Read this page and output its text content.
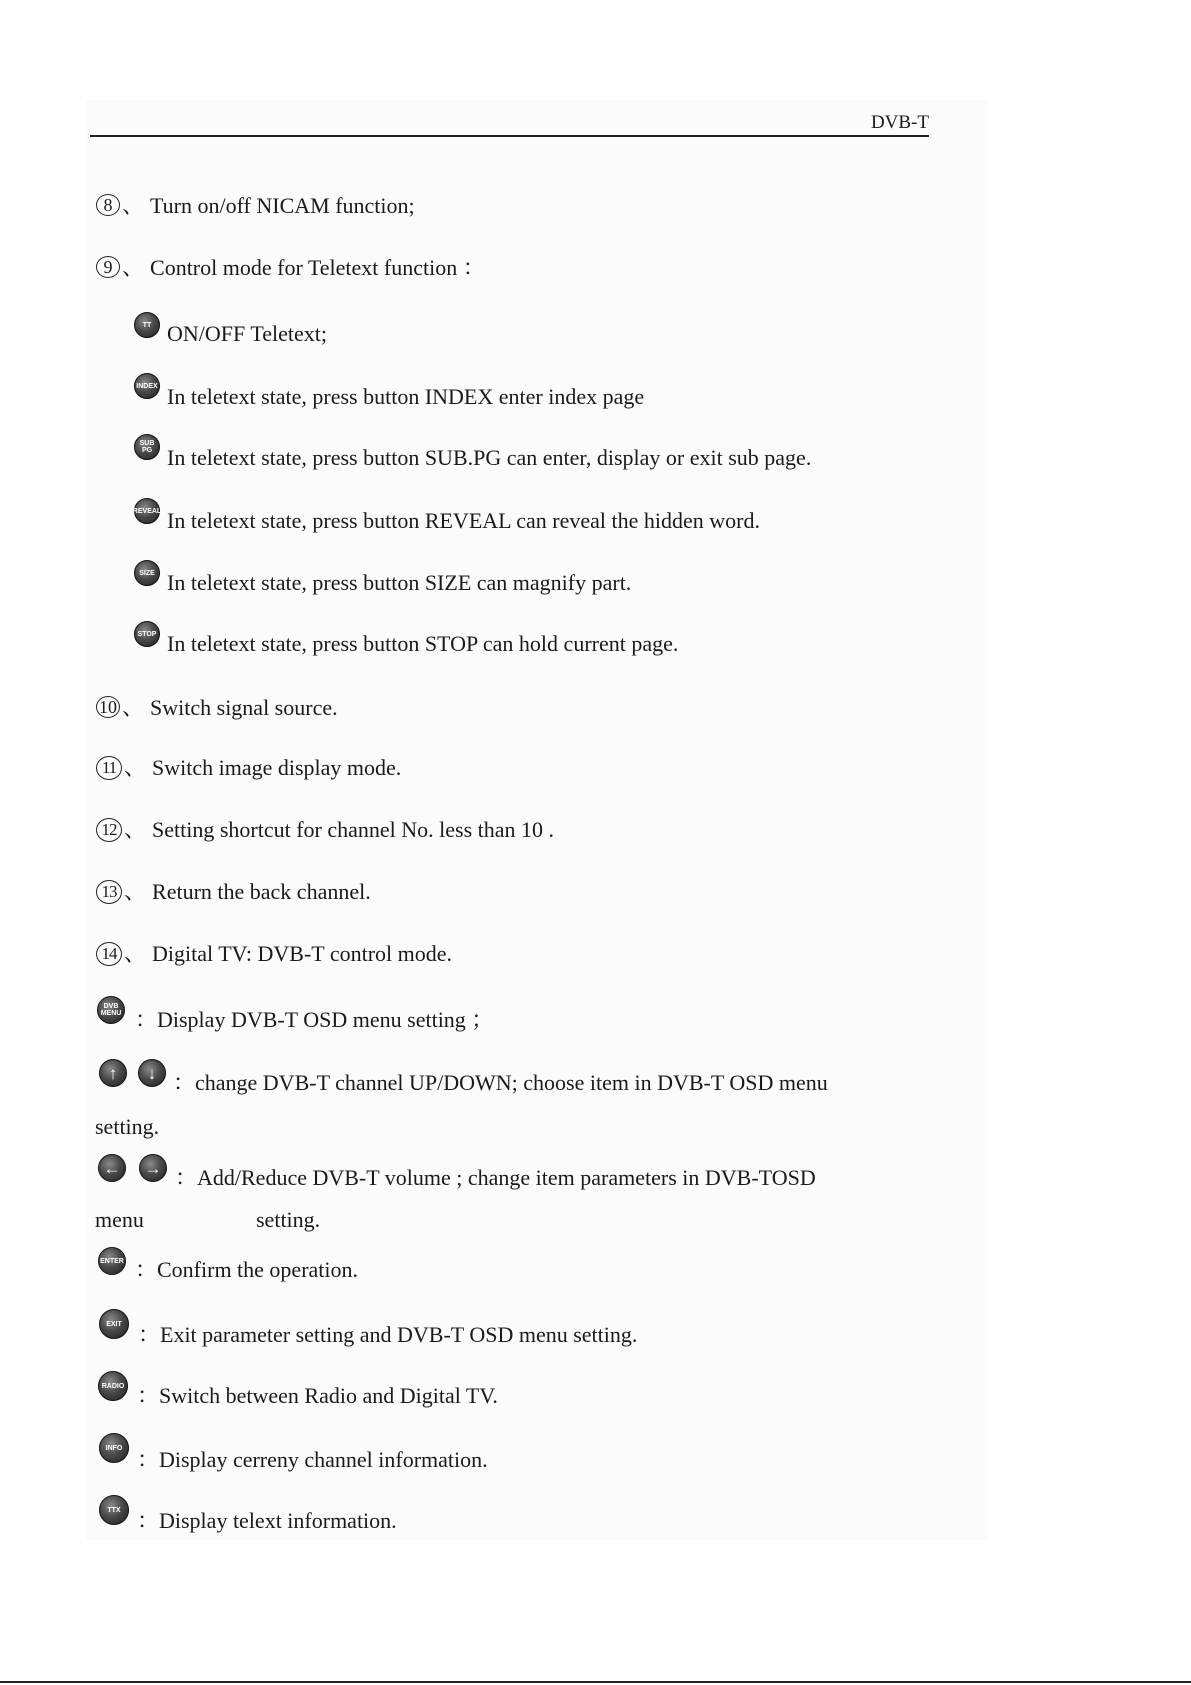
DVB-T
8 、 Turn on/off NICAM function;
9 、 Control mode for Teletext function ：
TT ON/OFF Teletext;
INDEX In teletext state, press button INDEX enter index page
SUB PG In teletext state, press button SUB.PG can enter, display or exit sub page.
REVEAL In teletext state, press button REVEAL can reveal the hidden word.
SIZE In teletext state, press button SIZE can magnify part.
STOP In teletext state, press button STOP can hold current page.
10 、 Switch signal source.
11 、 Switch image display mode.
12 、 Setting shortcut for channel No. less than 10 .
13 、 Return the back channel.
14 、 Digital TV: DVB-T control mode.
DVB MENU ：Display DVB-T OSD menu setting ；
↑	↓ ：change DVB-T channel UP/DOWN; choose item in DVB-T OSD menu
setting.
←	→ ：Add/Reduce DVB-T volume ; change item parameters in DVB-TOSD
menu	setting.
ENTER ：Confirm the operation.
EXIT ：Exit parameter setting and DVB-T OSD menu setting.
RADIO ：Switch between Radio and Digital TV.
INFO ：Display cerreny channel information.
TTX ：Display telext information.
